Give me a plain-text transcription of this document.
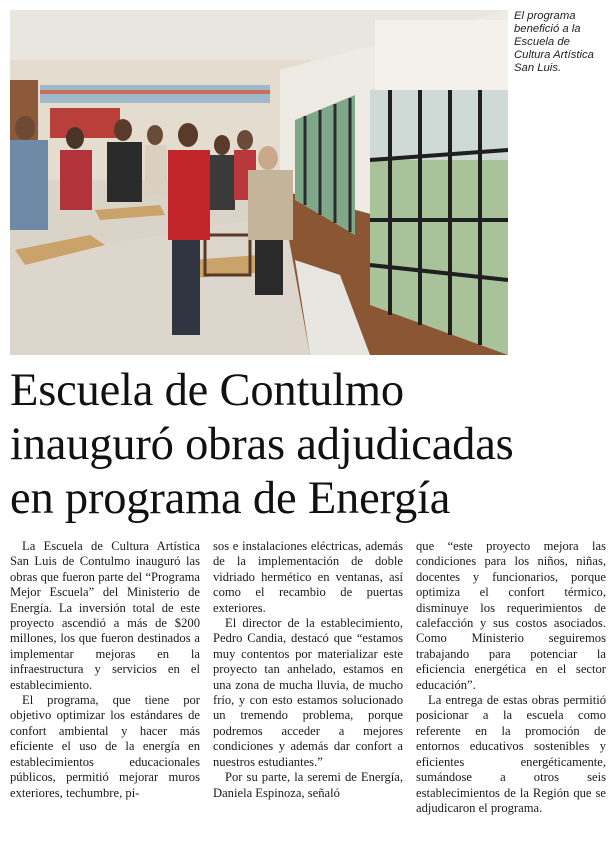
El programa benefició a la Escuela de Cultura Artística San Luis.
Escuela de Contulmo
inauguró obras adjudicadas
en programa de Energía

La Escuela de Cultura Artística San Luis de Contulmo inauguró las obras que fueron parte del “Programa Mejor Escuela” del Ministerio de Energía. La inversión total de este proyecto ascendió a más de $200 millones, los que fueron destinados a implementar mejoras en la infraestructura y servicios en el establecimiento.

El programa, que tiene por objetivo optimizar los estándares de confort ambiental y hacer más eficiente el uso de la energía en establecimientos educacionales públicos, permitió mejorar muros exteriores, techumbre, pi-

sos e instalaciones eléctricas, además de la implementación de doble vidriado hermético en ventanas, así como el recambio de puertas exteriores.

El director de la establecimiento, Pedro Candia, destacó que “estamos muy contentos por materializar este proyecto tan anhelado, estamos en una zona de mucha lluvia, de mucho frío, y con esto estamos solucionado un tremendo problema, porque podremos acceder a mejores condiciones y además dar confort a nuestros estudiantes.”

Por su parte, la seremi de Energía, Daniela Espinoza, señaló

que “este proyecto mejora las condiciones para los niños, niñas, docentes y funcionarios, porque optimiza el confort térmico, disminuye los requerimientos de calefacción y sus costos asociados. Como Ministerio seguiremos trabajando para potenciar la eficiencia energética en el sector educación”.

La entrega de estas obras permitió posicionar a la escuela como referente en la promoción de entornos educativos sostenibles y eficientes energéticamente, sumándose a otros seis establecimientos de la Región que se adjudicaron el programa.
